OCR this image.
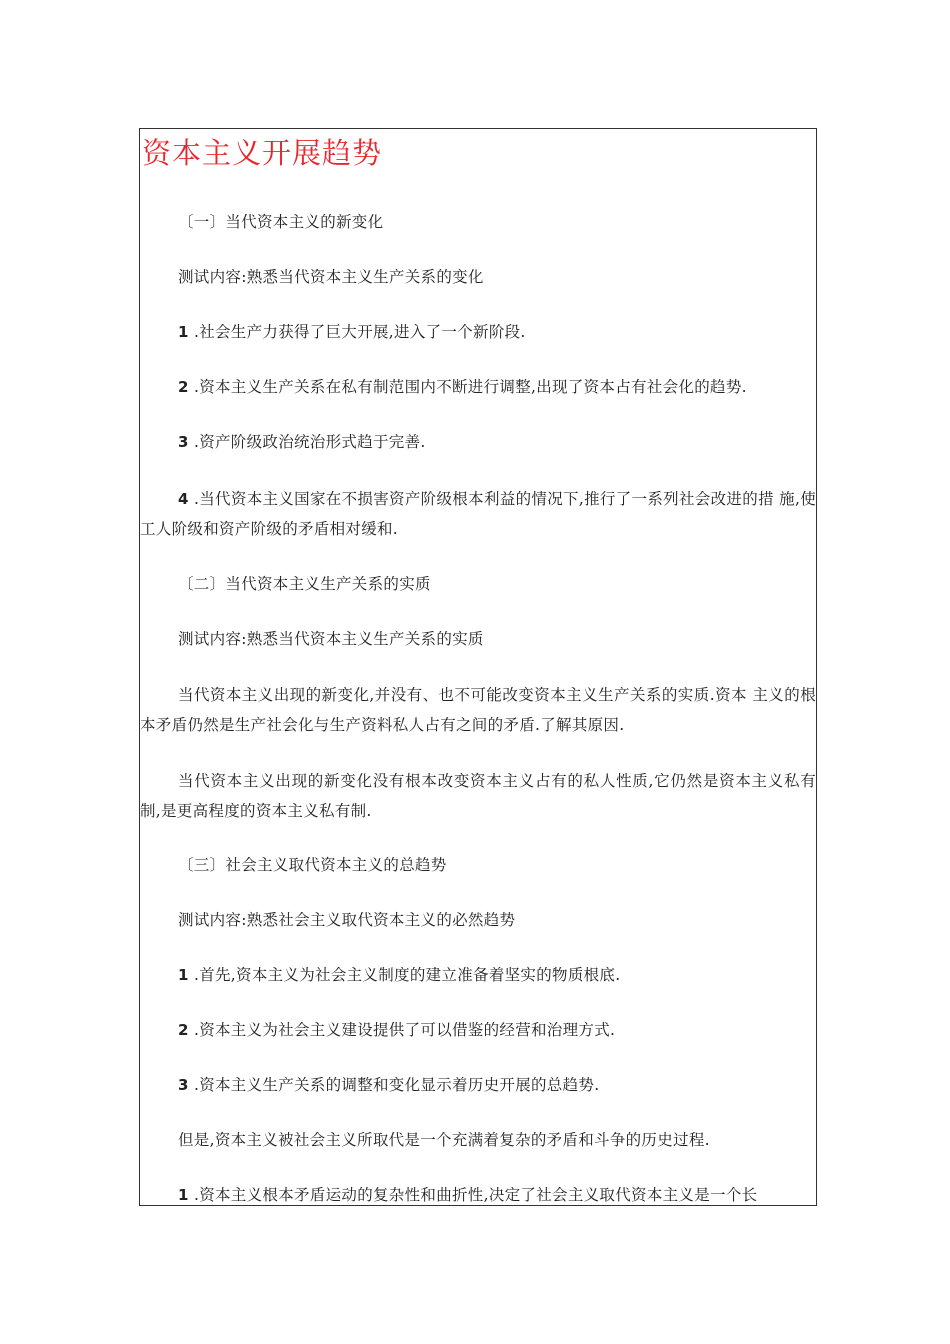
资本主义开展趋势

〔一〕当代资本主义的新变化

测试内容:熟悉当代资本主义生产关系的变化

1 .社会生产力获得了巨大开展,进入了一个新阶段.

2 .资本主义生产关系在私有制范围内不断进行调整,出现了资本占有社会化的趋势.

3 .资产阶级政治统治形式趋于完善.

4 .当代资本主义国家在不损害资产阶级根本利益的情况下,推行了一系列社会改进的措 施,使工人阶级和资产阶级的矛盾相对缓和.

〔二〕当代资本主义生产关系的实质

测试内容:熟悉当代资本主义生产关系的实质

当代资本主义出现的新变化,并没有、也不可能改变资本主义生产关系的实质.资本 主义的根本矛盾仍然是生产社会化与生产资料私人占有之间的矛盾.了解其原因.

当代资本主义出现的新变化没有根本改变资本主义占有的私人性质,它仍然是资本主义私有制,是更高程度的资本主义私有制.

〔三〕社会主义取代资本主义的总趋势

测试内容:熟悉社会主义取代资本主义的必然趋势

1 .首先,资本主义为社会主义制度的建立准备着坚实的物质根底.

2 .资本主义为社会主义建设提供了可以借鉴的经营和治理方式.

3 .资本主义生产关系的调整和变化显示着历史开展的总趋势.

但是,资本主义被社会主义所取代是一个充满着复杂的矛盾和斗争的历史过程.

1 .资本主义根本矛盾运动的复杂性和曲折性,决定了社会主义取代资本主义是一个长
